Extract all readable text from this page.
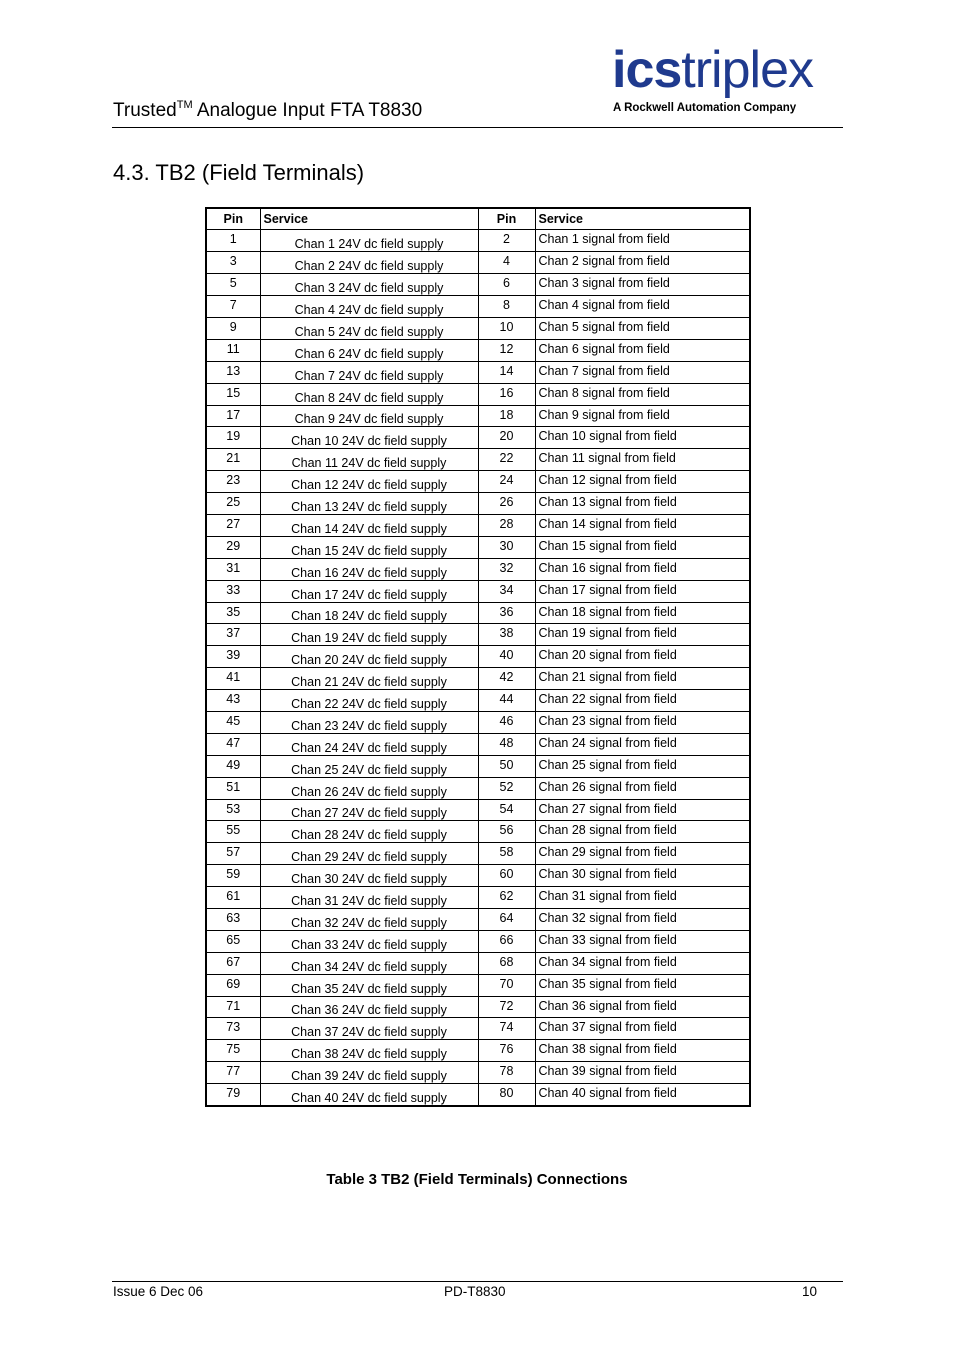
Trusted™ Analogue Input FTA T8830
icstriplex
A Rockwell Automation Company
4.3. TB2 (Field Terminals)
Pin	Service	Pin	Service
1	Chan 1 24V dc field supply	2	Chan 1 signal from field
3	Chan 2 24V dc field supply	4	Chan 2 signal from field
5	Chan 3 24V dc field supply	6	Chan 3 signal from field
7	Chan 4 24V dc field supply	8	Chan 4 signal from field
9	Chan 5 24V dc field supply	10	Chan 5 signal from field
11	Chan 6 24V dc field supply	12	Chan 6 signal from field
13	Chan 7 24V dc field supply	14	Chan 7 signal from field
15	Chan 8 24V dc field supply	16	Chan 8 signal from field
17	Chan 9 24V dc field supply	18	Chan 9 signal from field
19	Chan 10 24V dc field supply	20	Chan 10 signal from field
21	Chan 11 24V dc field supply	22	Chan 11 signal from field
23	Chan 12 24V dc field supply	24	Chan 12 signal from field
25	Chan 13 24V dc field supply	26	Chan 13 signal from field
27	Chan 14 24V dc field supply	28	Chan 14 signal from field
29	Chan 15 24V dc field supply	30	Chan 15 signal from field
31	Chan 16 24V dc field supply	32	Chan 16 signal from field
33	Chan 17 24V dc field supply	34	Chan 17 signal from field
35	Chan 18 24V dc field supply	36	Chan 18 signal from field
37	Chan 19 24V dc field supply	38	Chan 19 signal from field
39	Chan 20 24V dc field supply	40	Chan 20 signal from field
41	Chan 21 24V dc field supply	42	Chan 21 signal from field
43	Chan 22 24V dc field supply	44	Chan 22 signal from field
45	Chan 23 24V dc field supply	46	Chan 23 signal from field
47	Chan 24 24V dc field supply	48	Chan 24 signal from field
49	Chan 25 24V dc field supply	50	Chan 25 signal from field
51	Chan 26 24V dc field supply	52	Chan 26 signal from field
53	Chan 27 24V dc field supply	54	Chan 27 signal from field
55	Chan 28 24V dc field supply	56	Chan 28 signal from field
57	Chan 29 24V dc field supply	58	Chan 29 signal from field
59	Chan 30 24V dc field supply	60	Chan 30 signal from field
61	Chan 31 24V dc field supply	62	Chan 31 signal from field
63	Chan 32 24V dc field supply	64	Chan 32 signal from field
65	Chan 33 24V dc field supply	66	Chan 33 signal from field
67	Chan 34 24V dc field supply	68	Chan 34 signal from field
69	Chan 35 24V dc field supply	70	Chan 35 signal from field
71	Chan 36 24V dc field supply	72	Chan 36 signal from field
73	Chan 37 24V dc field supply	74	Chan 37 signal from field
75	Chan 38 24V dc field supply	76	Chan 38 signal from field
77	Chan 39 24V dc field supply	78	Chan 39 signal from field
79	Chan 40 24V dc field supply	80	Chan 40 signal from field
Table 3 TB2 (Field Terminals) Connections
Issue 6 Dec 06	PD-T8830	10
